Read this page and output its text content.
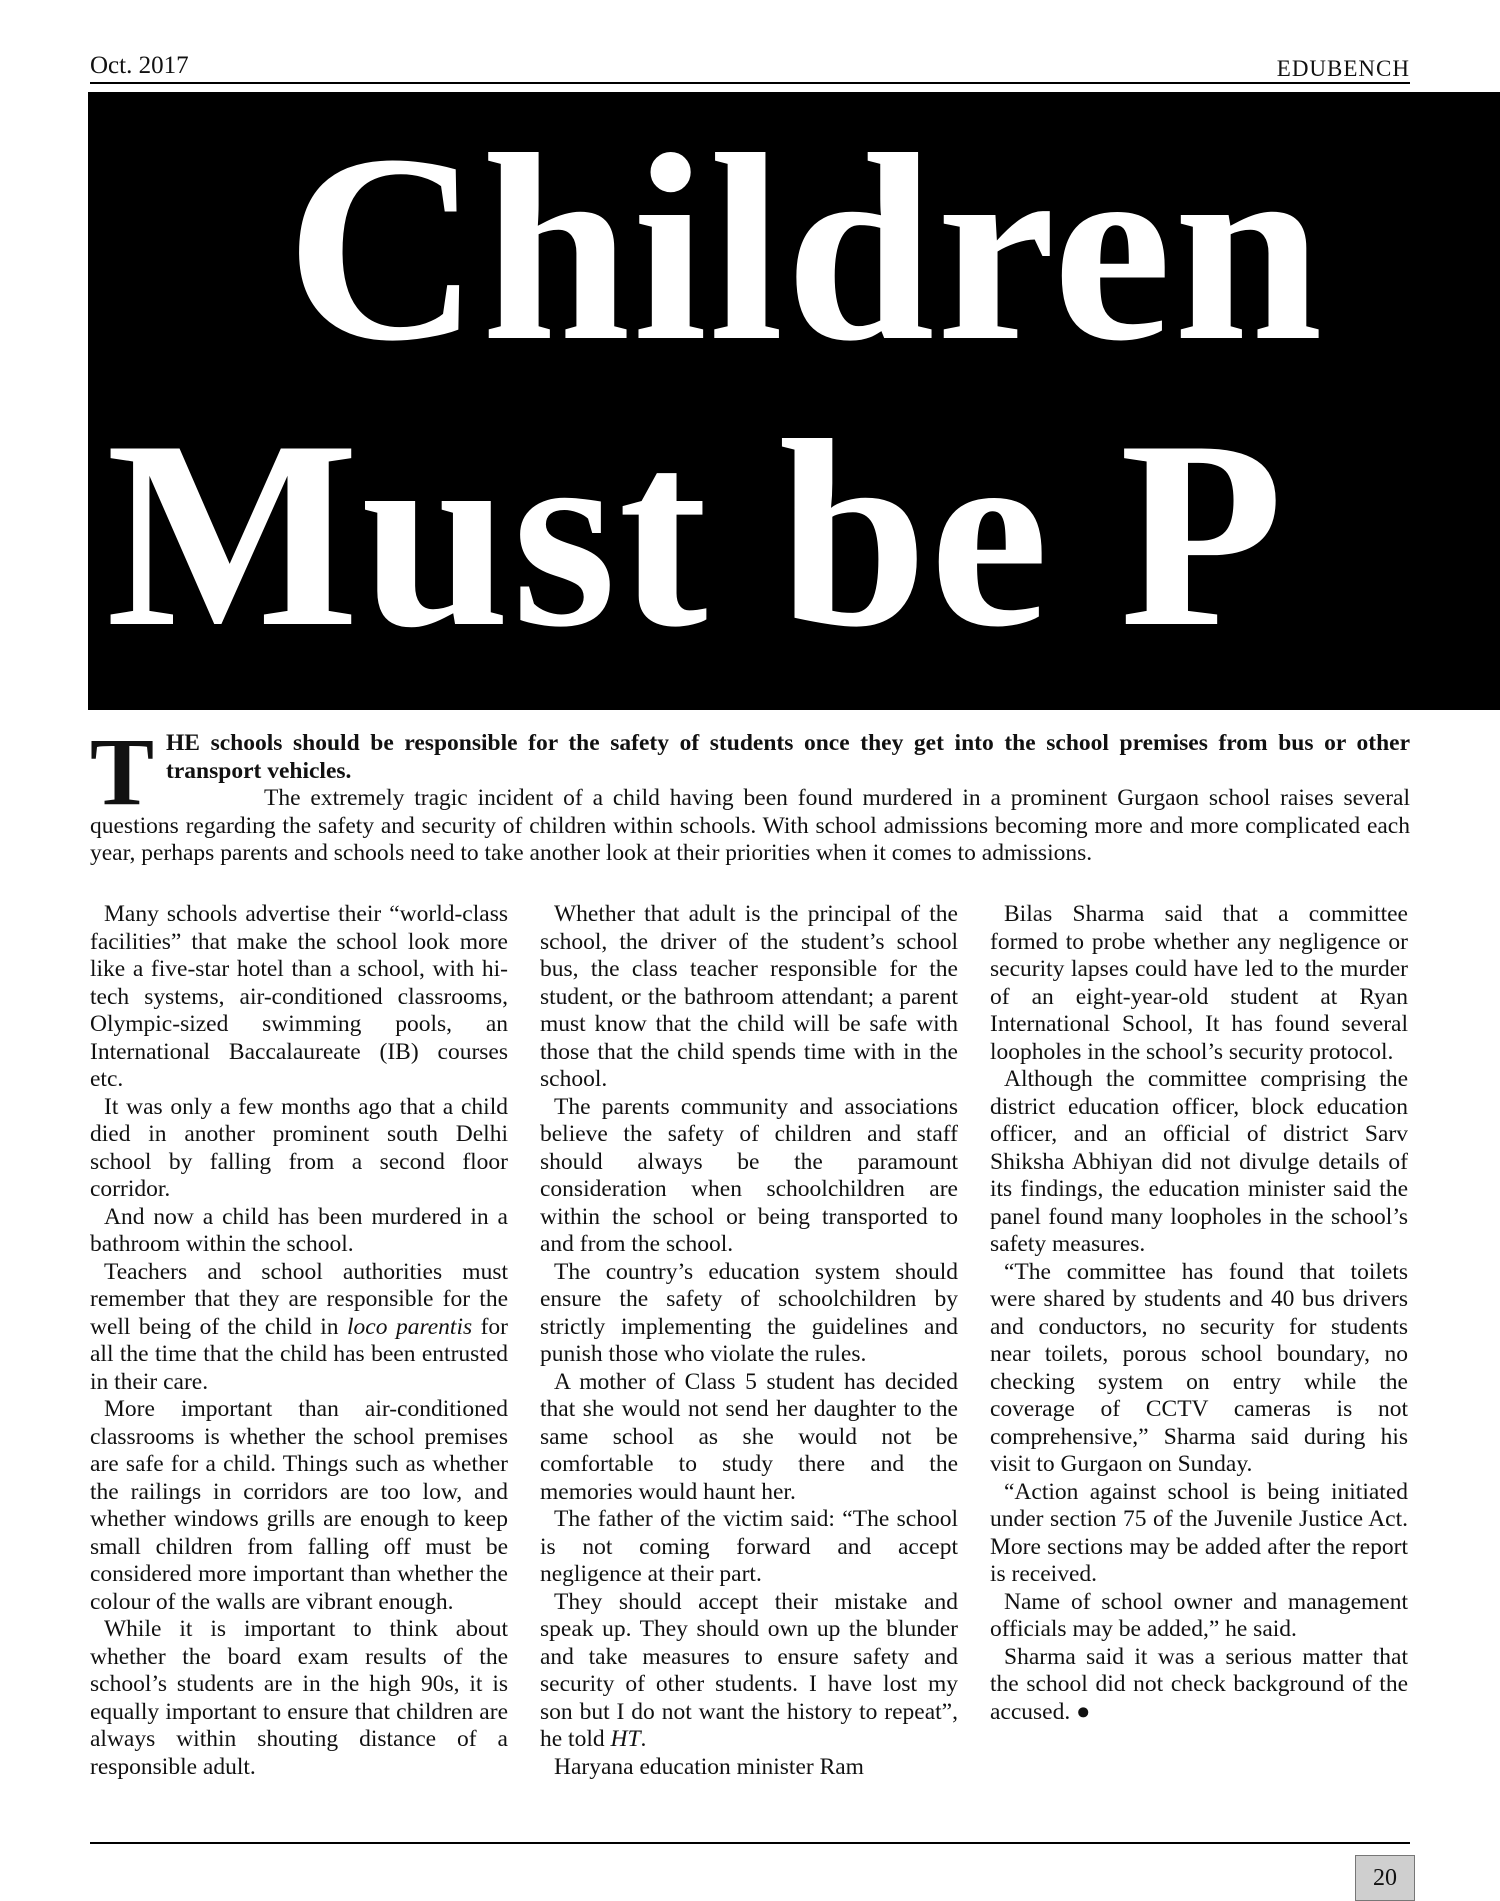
Oct. 2017	EDUBENCH
Children
Must be P
T HE schools should be responsible for the safety of students once they get into the school premises from bus or other transport vehicles.

The extremely tragic incident of a child having been found murdered in a prominent Gurgaon school raises several questions regarding the safety and security of children within schools. With school admissions becoming more and more complicated each year, perhaps parents and schools need to take another look at their priorities when it comes to admissions.

Many schools advertise their “world-class facilities” that make the school look more like a five-star hotel than a school, with hi-tech systems, air-conditioned classrooms, Olympic-sized swimming pools, an International Baccalaureate (IB) courses etc.

It was only a few months ago that a child died in another prominent south Delhi school by falling from a second floor corridor.

And now a child has been murdered in a bathroom within the school.

Teachers and school authorities must remember that they are responsible for the well being of the child in loco parentis for all the time that the child has been entrusted in their care.

More important than air-conditioned classrooms is whether the school premises are safe for a child. Things such as whether the railings in corridors are too low, and whether windows grills are enough to keep small children from falling off must be considered more important than whether the colour of the walls are vibrant enough.

While it is important to think about whether the board exam results of the school’s students are in the high 90s, it is equally important to ensure that children are always within shouting distance of a responsible adult.

Whether that adult is the principal of the school, the driver of the student’s school bus, the class teacher responsible for the student, or the bathroom attendant; a parent must know that the child will be safe with those that the child spends time with in the school.

The parents community and associations believe the safety of children and staff should always be the paramount consideration when schoolchildren are within the school or being transported to and from the school.

The country’s education system should ensure the safety of schoolchildren by strictly implementing the guidelines and punish those who violate the rules.

A mother of Class 5 student has decided that she would not send her daughter to the same school as she would not be comfortable to study there and the memories would haunt her.

The father of the victim said: “The school is not coming forward and accept negligence at their part.

They should accept their mistake and speak up. They should own up the blunder and take measures to ensure safety and security of other students. I have lost my son but I do not want the history to repeat”, he told HT.

Haryana education minister Ram

Bilas Sharma said that a committee formed to probe whether any negligence or security lapses could have led to the murder of an eight-year-old student at Ryan International School, It has found several loopholes in the school’s security protocol.

Although the committee comprising the district education officer, block education officer, and an official of district Sarv Shiksha Abhiyan did not divulge details of its findings, the education minister said the panel found many loopholes in the school’s safety measures.

“The committee has found that toilets were shared by students and 40 bus drivers and conductors, no security for students near toilets, porous school boundary, no checking system on entry while the coverage of CCTV cameras is not comprehensive,” Sharma said during his visit to Gurgaon on Sunday.

“Action against school is being initiated under section 75 of the Juvenile Justice Act. More sections may be added after the report is received.

Name of school owner and management officials may be added,” he said.

Sharma said it was a serious matter that the school did not check background of the accused. ●

20
